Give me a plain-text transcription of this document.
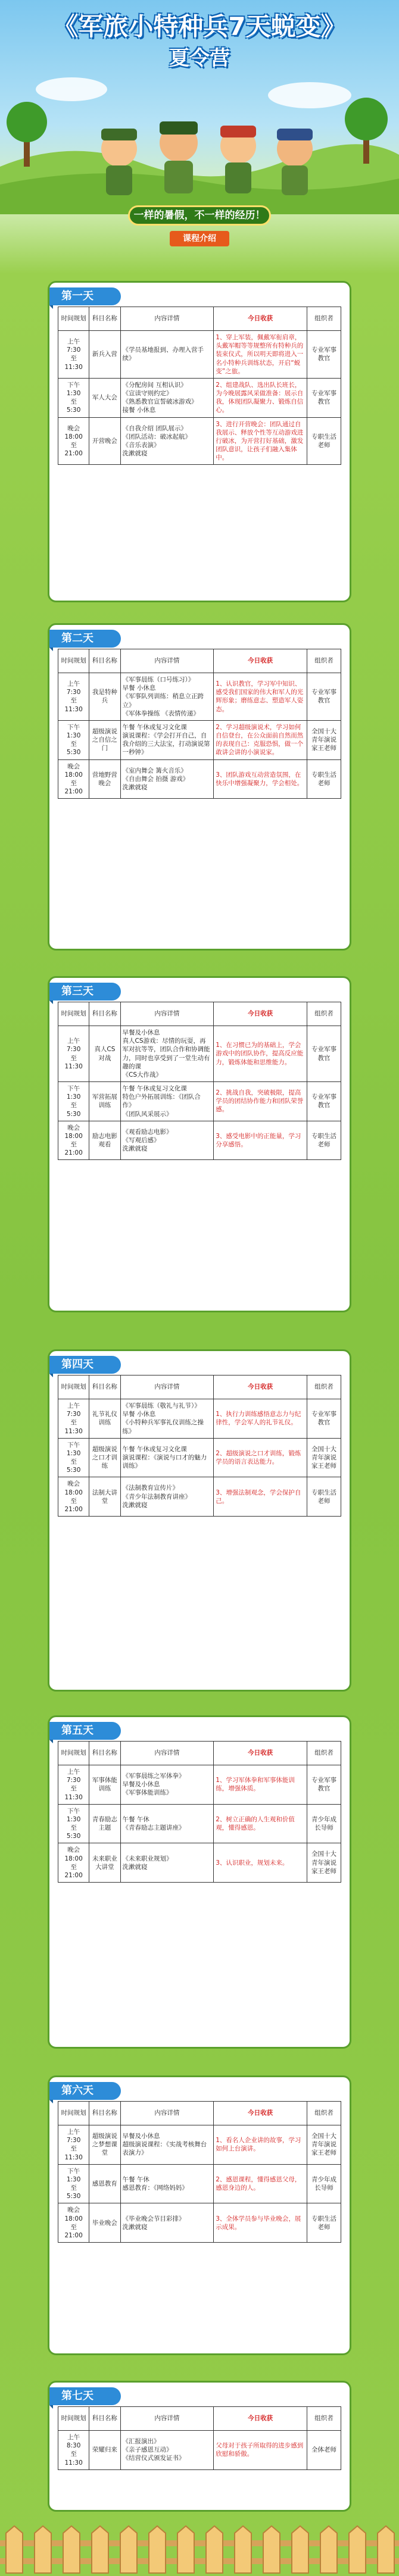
《军旅小特种兵7天蜕变》
夏令营
一样的暑假，不一样的经历！
课程介绍
第一天
时间规划	科目名称	内容详情	今日收获	组织者
上午
7:30
至
11:30	新兵入营	《学员基地报到、办理入营手续》	1、穿上军装，佩戴军衔肩章，头戴军帽等等规整所有特种兵的装束仪式，所以明天即将进入一名小特种兵训练状态，开启“蜕变”之旅。	专业军事教官
下午
1:30
至
5:30	军人大会	《分配房间 互相认识》
《宣读守则约定》
《熟悉教官宣誓破冰游戏》
接餐 小休息	2、组建战队、选出队长班长，为今晚展露风采做准备：展示自我，体现团队凝聚力、锻炼自信心。	专业军事教官
晚会
18:00
至
21:00	开营晚会	《自我介绍 团队展示》
《团队活动：破冰起航》
《音乐表演》
洗漱就寝	3、进行开营晚会：团队通过自我展示、释放个性等互动游戏进行破冰，为开营打好基础，激发团队意识，让孩子们融入集体中。	专职生活老师
第二天
时间规划	科目名称	内容详情	今日收获	组织者
上午
7:30
至
11:30	我是特种兵	《军事晨练（口号练习）》
早餐 小休息
《军事队列训练：稍息立正跨立》
《军体拳操练 《表情传递》	1、认识教官，学习军中知识、感受我们国家的伟大和军人的光辉形象；磨练意志、塑造军人姿态。	专业军事教官
下午
1:30
至
5:30	超级演说之自信之门	午餐 午休或复习文化课
演说课程：《学会打开自己，自我介绍的三大法宝，打动演说第一秒钟》	2、学习超级演说术，学习如何自信登台，在公众面前自然而然的表现自己：克服恐惧，做一个敢讲会讲的小演说家。	全国十大青年演说家王老师
晚会
18:00
至
21:00	营地野营晚会	《室内舞会 篝火音乐》
《自由舞会 拍摄 游戏》
洗漱就寝	3、团队游戏互动营造氛围，在快乐中增强凝聚力，学会相处。	专职生活老师
第三天
时间规划	科目名称	内容详情	今日收获	组织者
上午
7:30
至
11:30	真人CS对战	早餐及小休息
真人CS游戏：尽情的玩耍，再军对抗等等，团队合作和协调能力，同时也享受到了一堂生动有趣的课
《CS大作战》	1、在习惯已为的基础上，学会游戏中的团队协作，提高反应能力，锻炼体能和思维能力。	专业军事教官
下午
1:30
至
5:30	军营拓展训练	午餐 午休或复习文化课
特色户外拓展训练：《团队合作》
《团队风采展示》	2、挑战自我，突破极限，提高学员的团结协作能力和团队荣誉感。	专业军事教官
晚会
18:00
至
21:00	励志电影观看	《观看励志电影》
《写观后感》
洗漱就寝	3、感受电影中的正能量，学习分享感悟。	专职生活老师
第四天
时间规划	科目名称	内容详情	今日收获	组织者
上午
7:30
至
11:30	礼节礼仪训练	《军事晨练（敬礼与礼节）》
早餐 小休息
《小特种兵军事礼仪训练之操练》	1、执行力训练感悟意志力与纪律性，学会军人的礼节礼仪。	专业军事教官
下午
1:30
至
5:30	超级演说之口才训练	午餐 午休或复习文化课
演说课程：《演说与口才的魅力训练》	2、超级演说之口才训练，锻炼学员的语言表达能力。	全国十大青年演说家王老师
晚会
18:00
至
21:00	法制大讲堂	《法制教育宣传片》
《青少年法制教育讲座》
洗漱就寝	3、增强法制观念，学会保护自己。	专职生活老师
第五天
时间规划	科目名称	内容详情	今日收获	组织者
上午
7:30
至
11:30	军事体能训练	《军事晨练之军体拳》
早餐及小休息
《军事体能训练》	1、学习军体拳和军事体能训练，增强体质。	专业军事教官
下午
1:30
至
5:30	青春励志主题	午餐 午休
《青春励志主题讲座》	2、树立正确的人生观和价值观，懂得感恩。	青少年成长导师
晚会
18:00
至
21:00	未来职业大讲堂	《未来职业规划》
洗漱就寝	3、认识职业，规划未来。	全国十大青年演说家王老师
第六天
时间规划	科目名称	内容详情	今日收获	组织者
上午
7:30
至
11:30	超级演说之梦想课堂	早餐及小休息
超级演说课程：《实战考核舞台表演力》	1、看名人企业讲的故事，学习如何上台演讲。	全国十大青年演说家王老师
下午
1:30
至
5:30	感恩教育	午餐 午休
感恩教育：《网络妈妈》	2、感恩课程，懂得感恩父母，感恩身边的人。	青少年成长导师
晚会
18:00
至
21:00	毕业晚会	《毕业晚会节目彩排》
洗漱就寝	3、全体学员参与毕业晚会，展示成果。	专职生活老师
第七天
时间规划	科目名称	内容详情	今日收获	组织者
上午
8:30
至
11:30	荣耀归来	《汇报演出》
《亲子感恩互动》
《结营仪式颁发证书》	父母对于孩子所取得的进步感到欣慰和骄傲。	全体老师
